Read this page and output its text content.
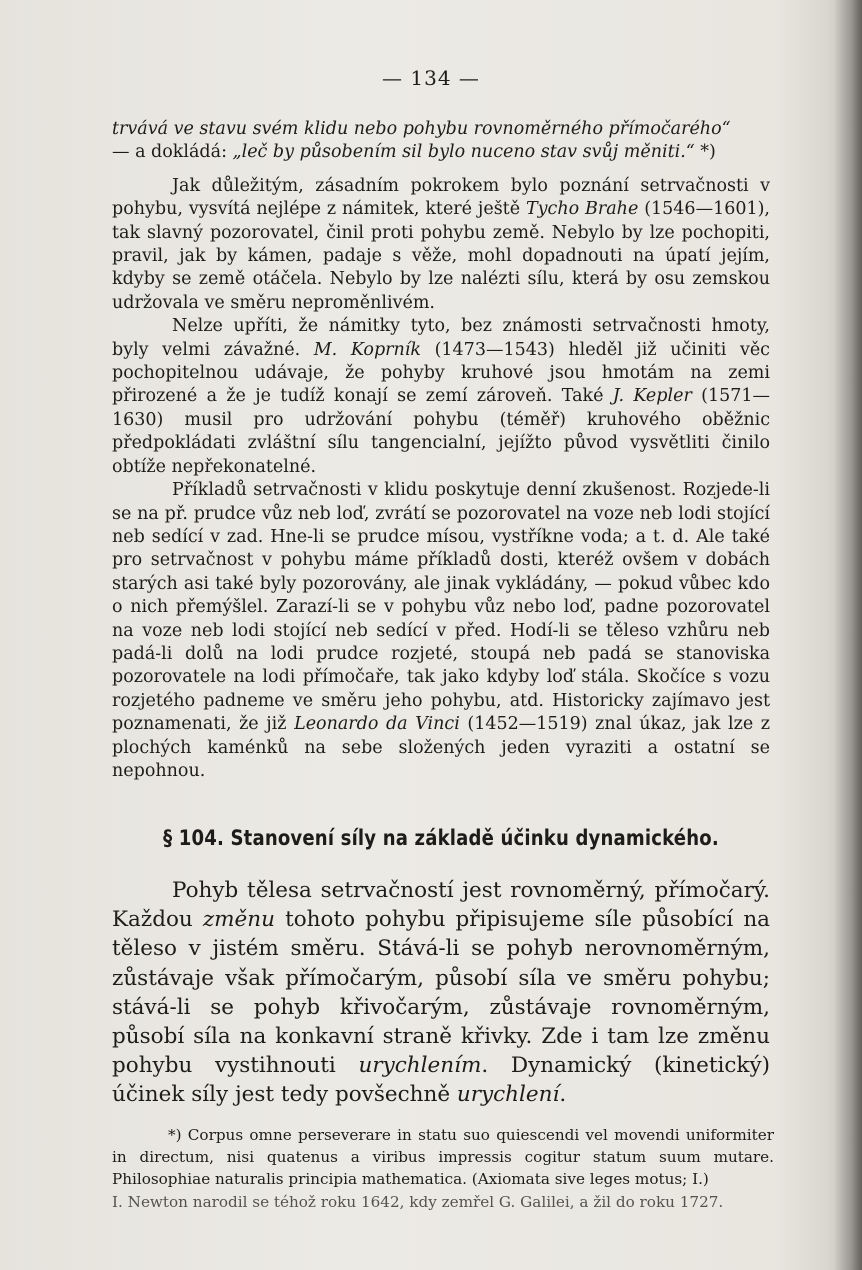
— 134 —

trvává ve stavu svém klidu nebo pohybu rovnoměrného přímočarého“
— a dokládá: „leč by působením sil bylo nuceno stav svůj měniti.“ *)

Jak důležitým, zásadním pokrokem bylo poznání setrvačnosti v pohybu, vysvítá nejlépe z námitek, které ještě Tycho Brahe (1546—1601), tak slavný pozorovatel, činil proti pohybu země. Nebylo by lze pochopiti, pravil, jak by kámen, padaje s věže, mohl dopadnouti na úpatí jejím, kdyby se země otáčela. Nebylo by lze nalézti sílu, která by osu zemskou udržovala ve směru neproměnlivém.

Nelze upříti, že námitky tyto, bez známosti setrvačnosti hmoty, byly velmi závažné. M. Koprník (1473—1543) hleděl již učiniti věc pochopitelnou udávaje, že pohyby kruhové jsou hmotám na zemi přirozené a že je tudíž konají se zemí zároveň. Také J. Kepler (1571—1630) musil pro udržování pohybu (téměř) kruhového oběžnic předpokládati zvláštní sílu tangencialní, jejížto původ vysvětliti činilo obtíže nepřekonatelné.

Příkladů setrvačnosti v klidu poskytuje denní zkušenost. Rozjede-li se na př. prudce vůz neb loď, zvrátí se pozorovatel na voze neb lodi stojící neb sedící v zad. Hne-li se prudce mísou, vystříkne voda; a t. d. Ale také pro setrvačnost v pohybu máme příkladů dosti, kteréž ovšem v dobách starých asi také byly pozorovány, ale jinak vykládány, — pokud vůbec kdo o nich přemýšlel. Zarazí-li se v pohybu vůz nebo loď, padne pozorovatel na voze neb lodi stojící neb sedící v před. Hodí-li se těleso vzhůru neb padá-li dolů na lodi prudce rozjeté, stoupá neb padá se stanoviska pozorovatele na lodi přímočaře, tak jako kdyby loď stála. Skočíce s vozu rozjetého padneme ve směru jeho pohybu, atd. Historicky zajímavo jest poznamenati, že již Leonardo da Vinci (1452—1519) znal úkaz, jak lze z plochých kaménků na sebe složených jeden vyraziti a ostatní se nepohnou.

§ 104. Stanovení síly na základě účinku dynamického.

Pohyb tělesa setrvačností jest rovnoměrný, přímočarý. Každou změnu tohoto pohybu připisujeme síle působící na těleso v jistém směru. Stává-li se pohyb nerovnoměrným, zůstávaje však přímočarým, působí síla ve směru pohybu; stává-li se pohyb křivočarým, zůstávaje rovnoměrným, působí síla na konkavní straně křivky. Zde i tam lze změnu pohybu vystihnouti urychlením. Dynamický (kinetický) účinek síly jest tedy povšechně urychlení.

*) Corpus omne perseverare in statu suo quiescendi vel movendi uniformiter in directum, nisi quatenus a viribus impressis cogitur statum suum mutare. Philosophiae naturalis principia mathematica. (Axiomata sive leges motus; I.)

I. Newton narodil se téhož roku 1642, kdy zemřel G. Galilei, a žil do roku 1727.
